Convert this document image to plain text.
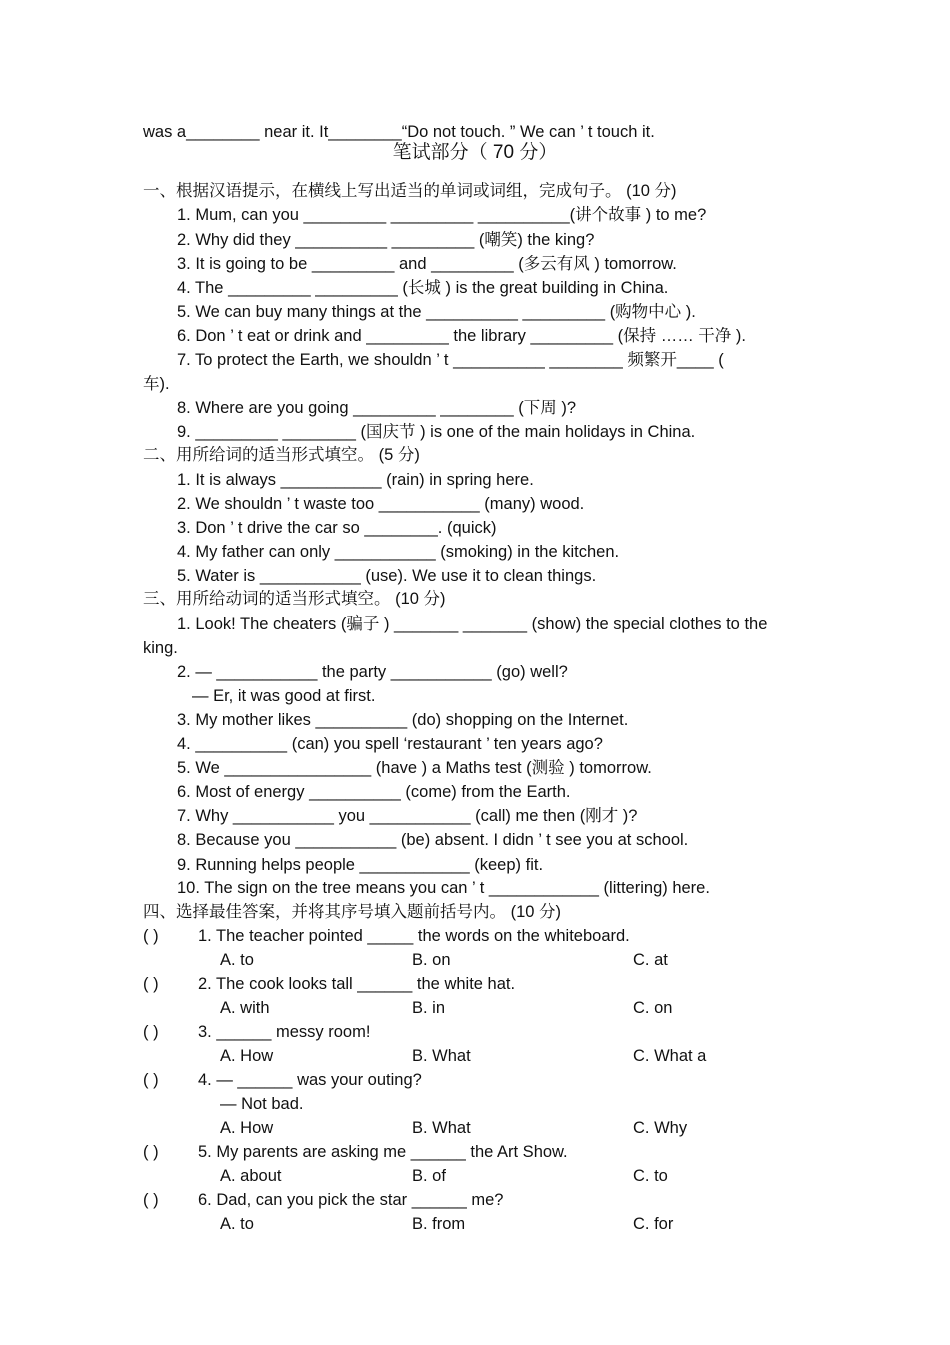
was a________ near it. It________“Do not touch. ” We can ’ t touch it.
笔试部分（ 70 分）
一、根据汉语提示，在横线上写出适当的单词或词组，完成句子。 (10 分)
1. Mum, can you _________ _________ __________(讲个故事 ) to me?
2. Why did they __________ _________ (嘲笑) the king?
3. It is going to be _________ and _________ (多云有风 ) tomorrow.
4. The _________ _________ (长城 ) is the great building in China.
5. We can buy many things at the __________ _________ (购物中心 ).
6. Don ’ t eat or drink and _________ the library _________ (保持 …… 干净 ).
7. To protect the Earth, we shouldn ’ t __________ ________ 频繁开____ (
车).
8. Where are you going _________ ________ (下周 )?
9. _________ ________ (国庆节 ) is one of the main holidays in China.
二、用所给词的适当形式填空。 (5 分)
1. It is always ___________ (rain) in spring here.
2. We shouldn ’ t waste too ___________ (many) wood.
3. Don ’ t drive the car so ________. (quick)
4. My father can only ___________ (smoking) in the kitchen.
5. Water is ___________ (use). We use it to clean things.
三、用所给动词的适当形式填空。 (10 分)
1. Look! The cheaters (骗子 ) _______ _______ (show) the special clothes to the
king.
2. — ___________ the party ___________ (go) well?
— Er, it was good at first.
3. My mother likes __________ (do) shopping on the Internet.
4. __________ (can) you spell ‘restaurant ’ ten years ago?
5. We ________________ (have ) a Maths test (测验 ) tomorrow.
6. Most of energy __________ (come) from the Earth.
7. Why ___________ you ___________ (call) me then (刚才 )?
8. Because you ___________ (be) absent. I didn ’ t see you at school.
9. Running helps people ____________ (keep) fit.
10. The sign on the tree means you can ’ t ____________ (littering) here.
四、选择最佳答案，并将其序号填入题前括号内。 (10 分)
( ) 1. The teacher pointed _____ the words on the whiteboard.
A. to	B. on	C. at
( ) 2. The cook looks tall ______ the white hat.
A. with	B. in	C. on
( ) 3. ______ messy room!
A. How	B. What	C. What a
( ) 4. — ______ was your outing?
— Not bad.
A. How	B. What	C. Why
( ) 5. My parents are asking me ______ the Art Show.
A. about	B. of	C. to
( ) 6. Dad, can you pick the star ______ me?
A. to	B. from	C. for
